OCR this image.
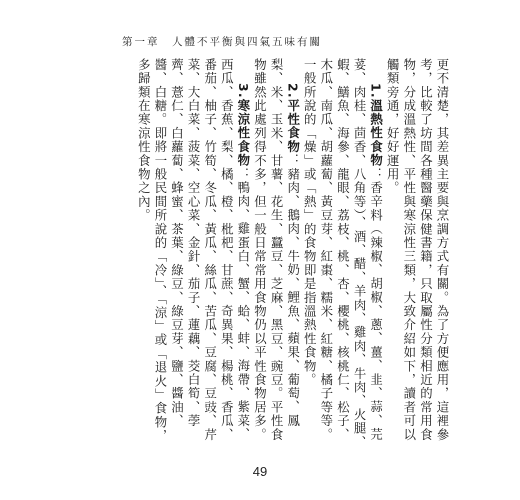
第一章　人體不平衡與四氣五味有關

更不清楚，其差異主要與烹調方式有關。為了方便應用，這裡參考，比較了坊間各種醫藥保健書籍，只取屬性分類相近的常用食物，分成溫熱性、平性與寒涼性三類，大致介紹如下，讀者可以觸類旁通，好好運用。

1.溫熱性食物：香辛料（辣椒、胡椒、蔥、薑、韭、蒜、芫荽、肉桂、茴香、八角等）、酒、醋、羊肉、雞肉、牛肉、火腿、蝦、鱔魚、海參、龍眼、荔枝、桃、杏、櫻桃、核桃仁、松子、木瓜、南瓜、胡蘿蔔、黃豆芽、紅棗、糯米、紅糖、橘子等等。一般所說的「燥」或「熱」的食物即是指溫熱性食物。

2.平性食物：豬肉、鵝肉、牛奶、鯉魚、蘋果、葡萄、鳳梨、米、玉米、甘薯、花生、蠶豆、芝麻、黑豆、豌豆。平性食物雖然此處列得不多，但一般日常常用食物仍以平性食物居多。

3.寒涼性食物：鴨肉、雞蛋白、蟹、蛤、蚌、海帶、紫菜、西瓜、香蕉、梨、橘、橙、枇杷、甘蔗、奇異果、楊桃、香瓜、番茄、柚子、竹筍、冬瓜、黃瓜、絲瓜、苦瓜、豆腐、豆豉、芹菜、大白菜、菠菜、空心菜、金針、茄子、蓮藕、茭白筍、荸薺、薏仁、白蘿蔔、蜂蜜、茶葉、綠豆、綠豆芽、鹽、醬油、醬、白糖。即將一般民間所說的「冷」、「涼」或「退火」食物，多歸類在寒涼性食物之內。

49
